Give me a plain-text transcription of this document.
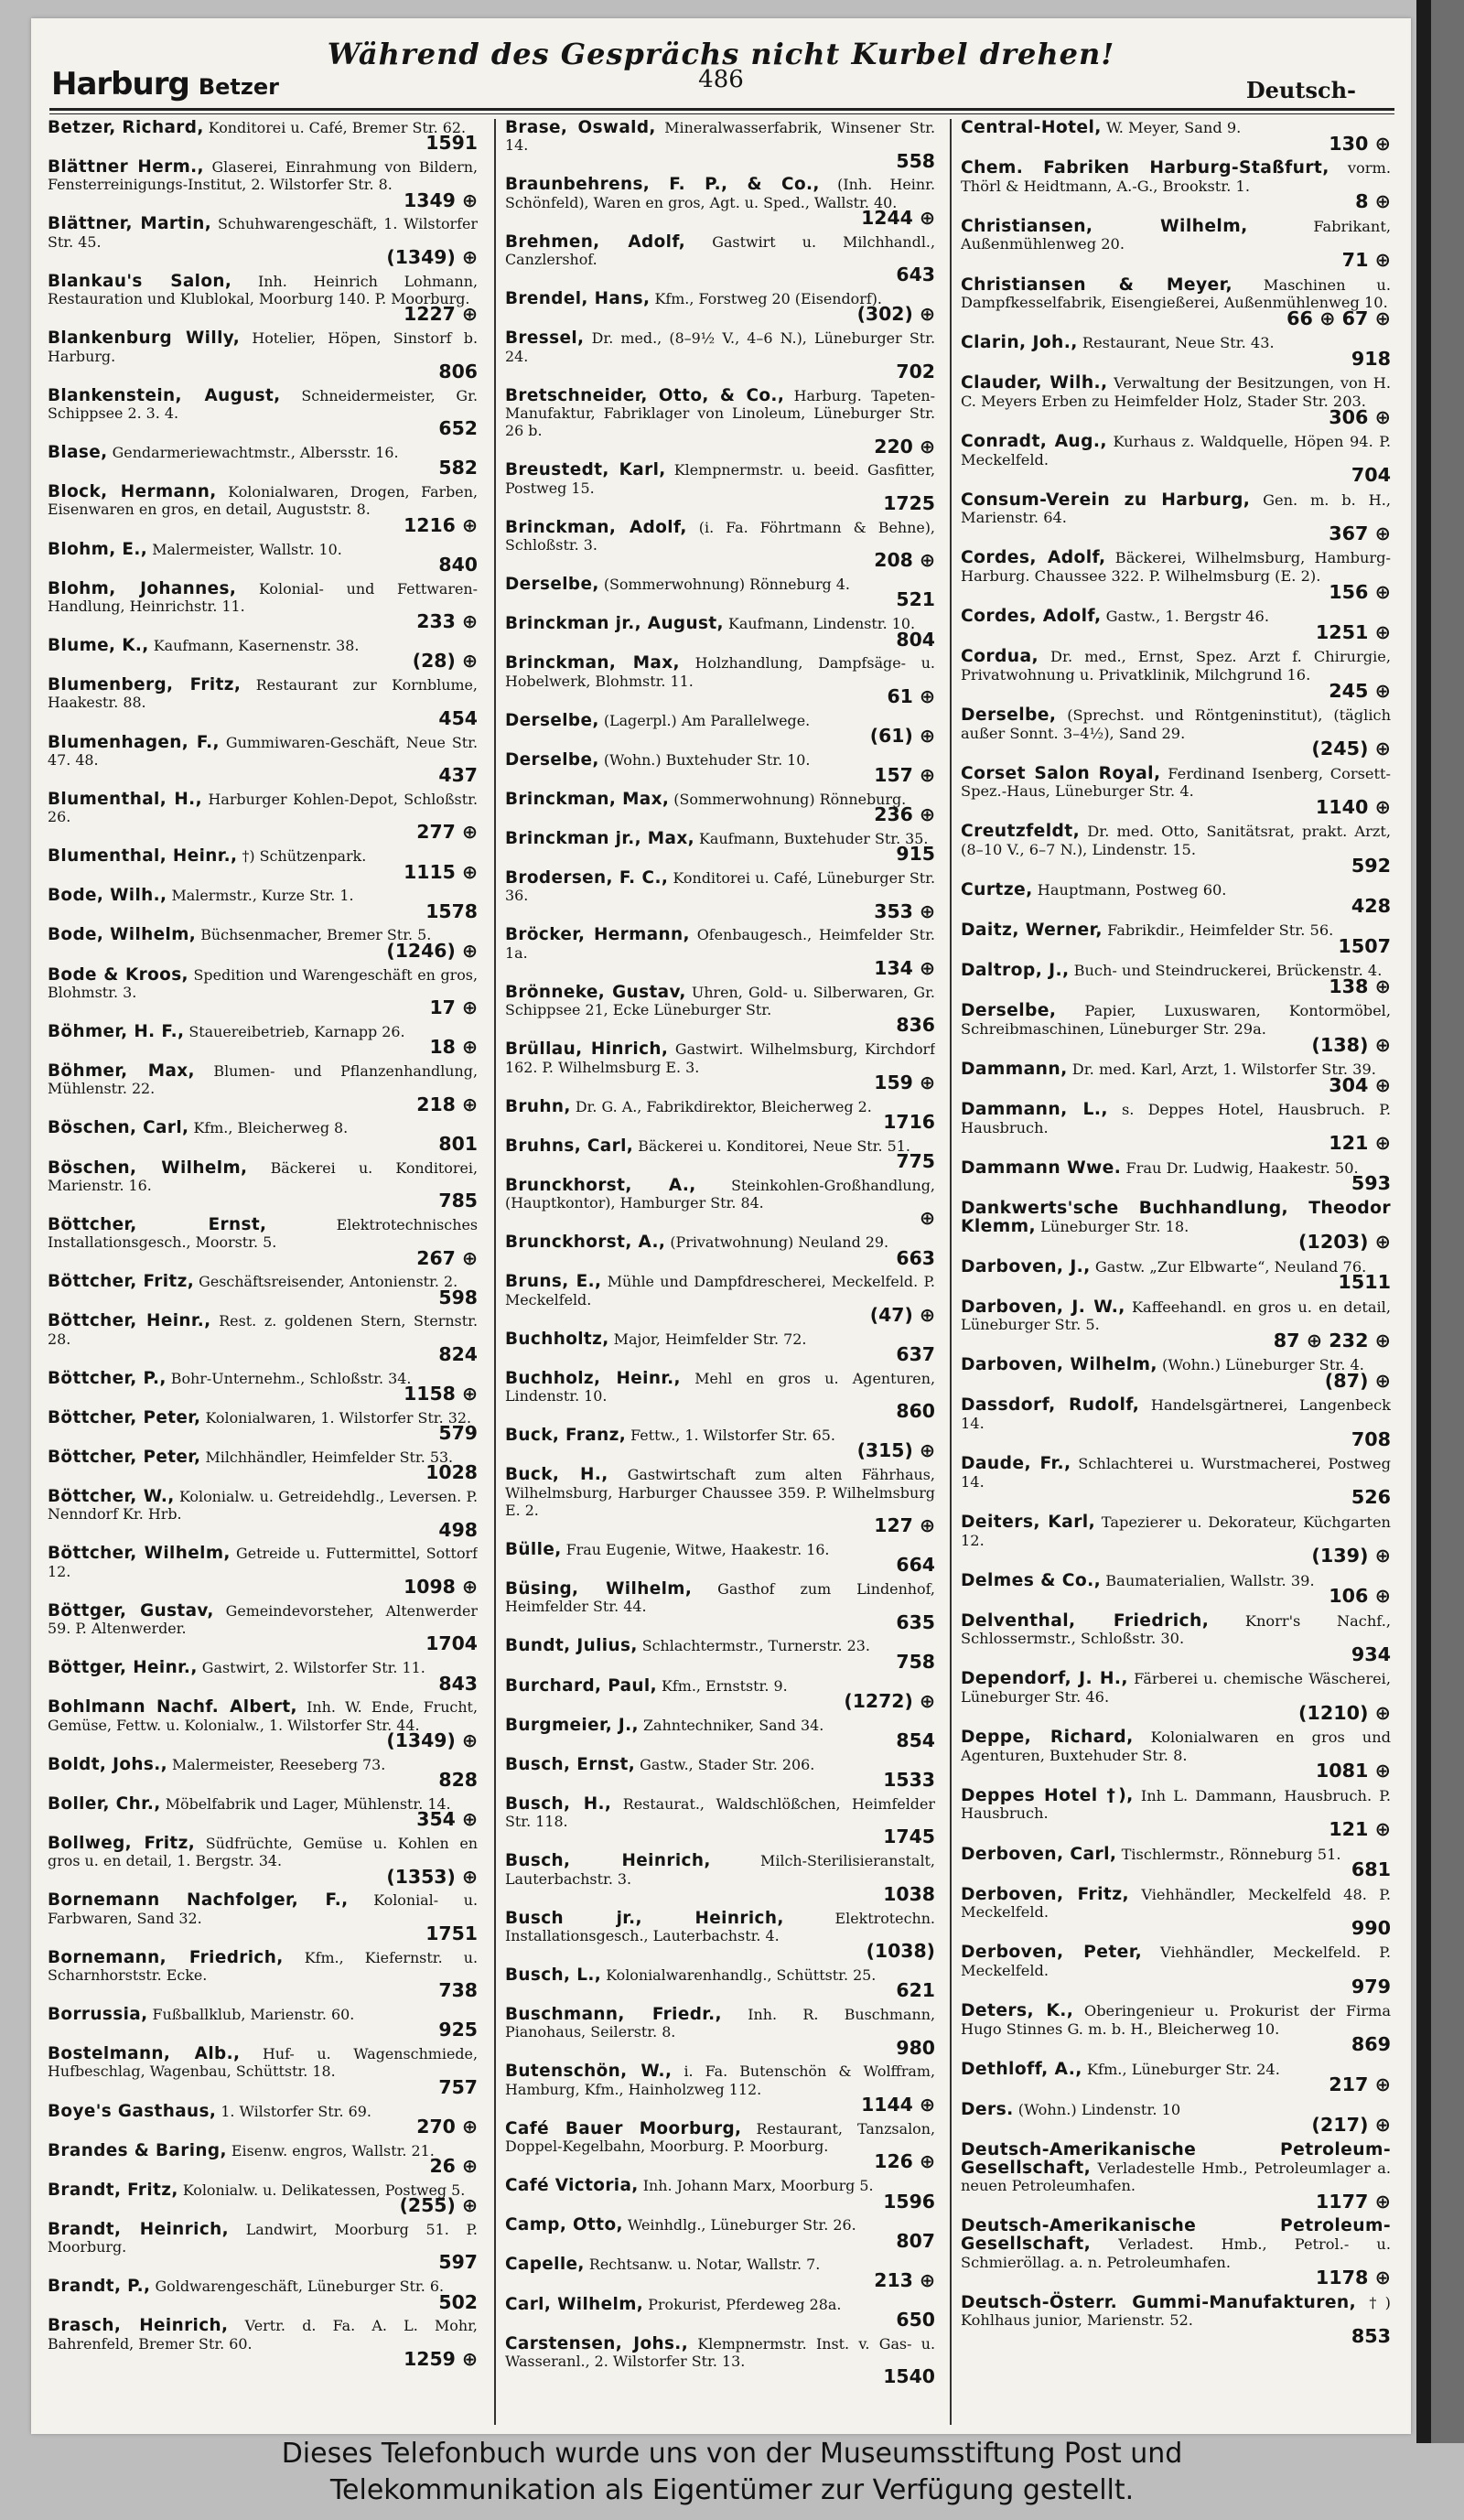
Während des Gesprächs nicht Kurbel drehen!
Harburg Betzer	486	Deutsch-
Betzer, Richard, Konditorei u. Café, Bremer Str. 62.
1591
Blättner Herm., Glaserei, Einrahmung von Bildern, Fensterreinigungs-Institut, 2. Wilstorfer Str. 8.
1349 ⊕
Blättner, Martin, Schuhwarengeschäft, 1. Wilstorfer Str. 45.
(1349) ⊕
Blankau's Salon, Inh. Heinrich Lohmann, Restauration und Klublokal, Moorburg 140. P. Moorburg.
1227 ⊕
Blankenburg Willy, Hotelier, Höpen, Sinstorf b. Harburg.
806
Blankenstein, August, Schneidermeister, Gr. Schippsee 2. 3. 4.
652
Blase, Gendarmeriewachtmstr., Albersstr. 16.
582
Block, Hermann, Kolonialwaren, Drogen, Farben, Eisenwaren en gros, en detail, Auguststr. 8.
1216 ⊕
Blohm, E., Malermeister, Wallstr. 10.
840
Blohm, Johannes, Kolonial- und Fettwaren-Handlung, Heinrichstr. 11.
233 ⊕
Blume, K., Kaufmann, Kasernenstr. 38.
(28) ⊕
Blumenberg, Fritz, Restaurant zur Kornblume, Haakestr. 88.
454
Blumenhagen, F., Gummiwaren-Geschäft, Neue Str. 47. 48.
437
Blumenthal, H., Harburger Kohlen-Depot, Schloßstr. 26.
277 ⊕
Blumenthal, Heinr., †) Schützenpark.
1115 ⊕
Bode, Wilh., Malermstr., Kurze Str. 1.
1578
Bode, Wilhelm, Büchsenmacher, Bremer Str. 5.
(1246) ⊕
Bode & Kroos, Spedition und Warengeschäft en gros, Blohmstr. 3.
17 ⊕
Böhmer, H. F., Stauereibetrieb, Karnapp 26.
18 ⊕
Böhmer, Max, Blumen- und Pflanzenhandlung, Mühlenstr. 22.
218 ⊕
Böschen, Carl, Kfm., Bleicherweg 8.
801
Böschen, Wilhelm, Bäckerei u. Konditorei, Marienstr. 16.
785
Böttcher, Ernst, Elektrotechnisches Installationsgesch., Moorstr. 5.
267 ⊕
Böttcher, Fritz, Geschäftsreisender, Antonienstr. 2.
598
Böttcher, Heinr., Rest. z. goldenen Stern, Sternstr. 28.
824
Böttcher, P., Bohr-Unternehm., Schloßstr. 34.
1158 ⊕
Böttcher, Peter, Kolonialwaren, 1. Wilstorfer Str. 32.
579
Böttcher, Peter, Milchhändler, Heimfelder Str. 53.
1028
Böttcher, W., Kolonialw. u. Getreidehdlg., Leversen. P. Nenndorf Kr. Hrb.
498
Böttcher, Wilhelm, Getreide u. Futtermittel, Sottorf 12.
1098 ⊕
Böttger, Gustav, Gemeindevorsteher, Altenwerder 59. P. Altenwerder.
1704
Böttger, Heinr., Gastwirt, 2. Wilstorfer Str. 11.
843
Bohlmann Nachf. Albert, Inh. W. Ende, Frucht, Gemüse, Fettw. u. Kolonialw., 1. Wilstorfer Str. 44.
(1349) ⊕
Boldt, Johs., Malermeister, Reeseberg 73.
828
Boller, Chr., Möbelfabrik und Lager, Mühlenstr. 14.
354 ⊕
Bollweg, Fritz, Südfrüchte, Gemüse u. Kohlen en gros u. en detail, 1. Bergstr. 34.
(1353) ⊕
Bornemann Nachfolger, F., Kolonial- u. Farbwaren, Sand 32.
1751
Bornemann, Friedrich, Kfm., Kiefernstr. u. Scharnhorststr. Ecke.
738
Borrussia, Fußballklub, Marienstr. 60.
925
Bostelmann, Alb., Huf- u. Wagenschmiede, Hufbeschlag, Wagenbau, Schüttstr. 18.
757
Boye's Gasthaus, 1. Wilstorfer Str. 69.
270 ⊕
Brandes & Baring, Eisenw. engros, Wallstr. 21.
26 ⊕
Brandt, Fritz, Kolonialw. u. Delikatessen, Postweg 5.
(255) ⊕
Brandt, Heinrich, Landwirt, Moorburg 51. P. Moorburg.
597
Brandt, P., Goldwarengeschäft, Lüneburger Str. 6.
502
Brasch, Heinrich, Vertr. d. Fa. A. L. Mohr, Bahrenfeld, Bremer Str. 60.
1259 ⊕
Brase, Oswald, Mineralwasserfabrik, Winsener Str. 14.
558
Braunbehrens, F. P., & Co., (Inh. Heinr. Schönfeld), Waren en gros, Agt. u. Sped., Wallstr. 40.
1244 ⊕
Brehmen, Adolf, Gastwirt u. Milchhandl., Canzlershof.
643
Brendel, Hans, Kfm., Forstweg 20 (Eisendorf).
(302) ⊕
Bressel, Dr. med., (8–9½ V., 4–6 N.), Lüneburger Str. 24.
702
Bretschneider, Otto, & Co., Harburg. Tapeten-Manufaktur, Fabriklager von Linoleum, Lüneburger Str. 26 b.
220 ⊕
Breustedt, Karl, Klempnermstr. u. beeid. Gasfitter, Postweg 15.
1725
Brinckman, Adolf, (i. Fa. Föhrtmann & Behne), Schloßstr. 3.
208 ⊕
Derselbe, (Sommerwohnung) Rönneburg 4.
521
Brinckman jr., August, Kaufmann, Lindenstr. 10.
804
Brinckman, Max, Holzhandlung, Dampfsäge- u. Hobelwerk, Blohmstr. 11.
61 ⊕
Derselbe, (Lagerpl.) Am Parallelwege.
(61) ⊕
Derselbe, (Wohn.) Buxtehuder Str. 10.
157 ⊕
Brinckman, Max, (Sommerwohnung) Rönneburg.
236 ⊕
Brinckman jr., Max, Kaufmann, Buxtehuder Str. 35.
915
Brodersen, F. C., Konditorei u. Café, Lüneburger Str. 36.
353 ⊕
Bröcker, Hermann, Ofenbaugesch., Heimfelder Str. 1a.
134 ⊕
Brönneke, Gustav, Uhren, Gold- u. Silberwaren, Gr. Schippsee 21, Ecke Lüneburger Str.
836
Brüllau, Hinrich, Gastwirt. Wilhelmsburg, Kirchdorf 162. P. Wilhelmsburg E. 3.
159 ⊕
Bruhn, Dr. G. A., Fabrikdirektor, Bleicherweg 2.
1716
Bruhns, Carl, Bäckerei u. Konditorei, Neue Str. 51.
775
Brunckhorst, A., Steinkohlen-Großhandlung, (Hauptkontor), Hamburger Str. 84.
⊕
Brunckhorst, A., (Privatwohnung) Neuland 29.
663
Bruns, E., Mühle und Dampfdrescherei, Meckelfeld. P. Meckelfeld.
(47) ⊕
Buchholtz, Major, Heimfelder Str. 72.
637
Buchholz, Heinr., Mehl en gros u. Agenturen, Lindenstr. 10.
860
Buck, Franz, Fettw., 1. Wilstorfer Str. 65.
(315) ⊕
Buck, H., Gastwirtschaft zum alten Fährhaus, Wilhelmsburg, Harburger Chaussee 359. P. Wilhelmsburg E. 2.
127 ⊕
Bülle, Frau Eugenie, Witwe, Haakestr. 16.
664
Büsing, Wilhelm, Gasthof zum Lindenhof, Heimfelder Str. 44.
635
Bundt, Julius, Schlachtermstr., Turnerstr. 23.
758
Burchard, Paul, Kfm., Ernststr. 9.
(1272) ⊕
Burgmeier, J., Zahntechniker, Sand 34.
854
Busch, Ernst, Gastw., Stader Str. 206.
1533
Busch, H., Restaurat., Waldschlößchen, Heimfelder Str. 118.
1745
Busch, Heinrich, Milch-Sterilisieranstalt, Lauterbachstr. 3.
1038
Busch jr., Heinrich, Elektrotechn. Installationsgesch., Lauterbachstr. 4.
(1038)
Busch, L., Kolonialwarenhandlg., Schüttstr. 25.
621
Buschmann, Friedr., Inh. R. Buschmann, Pianohaus, Seilerstr. 8.
980
Butenschön, W., i. Fa. Butenschön & Wolffram, Hamburg, Kfm., Hainholzweg 112.
1144 ⊕
Café Bauer Moorburg, Restaurant, Tanzsalon, Doppel-Kegelbahn, Moorburg. P. Moorburg.
126 ⊕
Café Victoria, Inh. Johann Marx, Moorburg 5.
1596
Camp, Otto, Weinhdlg., Lüneburger Str. 26.
807
Capelle, Rechtsanw. u. Notar, Wallstr. 7.
213 ⊕
Carl, Wilhelm, Prokurist, Pferdeweg 28a.
650
Carstensen, Johs., Klempnermstr. Inst. v. Gas- u. Wasseranl., 2. Wilstorfer Str. 13.
1540
Central-Hotel, W. Meyer, Sand 9.
130 ⊕
Chem. Fabriken Harburg-Staßfurt, vorm. Thörl & Heidtmann, A.-G., Brookstr. 1.
8 ⊕
Christiansen, Wilhelm, Fabrikant, Außenmühlenweg 20.
71 ⊕
Christiansen & Meyer, Maschinen u. Dampfkesselfabrik, Eisengießerei, Außenmühlenweg 10.
66 ⊕ 67 ⊕
Clarin, Joh., Restaurant, Neue Str. 43.
918
Clauder, Wilh., Verwaltung der Besitzungen, von H. C. Meyers Erben zu Heimfelder Holz, Stader Str. 203.
306 ⊕
Conradt, Aug., Kurhaus z. Waldquelle, Höpen 94. P. Meckelfeld.
704
Consum-Verein zu Harburg, Gen. m. b. H., Marienstr. 64.
367 ⊕
Cordes, Adolf, Bäckerei, Wilhelmsburg, Hamburg-Harburg. Chaussee 322. P. Wilhelmsburg (E. 2).
156 ⊕
Cordes, Adolf, Gastw., 1. Bergstr 46.
1251 ⊕
Cordua, Dr. med., Ernst, Spez. Arzt f. Chirurgie, Privatwohnung u. Privatklinik, Milchgrund 16.
245 ⊕
Derselbe, (Sprechst. und Röntgeninstitut), (täglich außer Sonnt. 3–4½), Sand 29.
(245) ⊕
Corset Salon Royal, Ferdinand Isenberg, Corsett-Spez.-Haus, Lüneburger Str. 4.
1140 ⊕
Creutzfeldt, Dr. med. Otto, Sanitätsrat, prakt. Arzt, (8–10 V., 6–7 N.), Lindenstr. 15.
592
Curtze, Hauptmann, Postweg 60.
428
Daitz, Werner, Fabrikdir., Heimfelder Str. 56.
1507
Daltrop, J., Buch- und Steindruckerei, Brückenstr. 4.
138 ⊕
Derselbe, Papier, Luxuswaren, Kontormöbel, Schreibmaschinen, Lüneburger Str. 29a.
(138) ⊕
Dammann, Dr. med. Karl, Arzt, 1. Wilstorfer Str. 39.
304 ⊕
Dammann, L., s. Deppes Hotel, Hausbruch. P. Hausbruch.
121 ⊕
Dammann Wwe. Frau Dr. Ludwig, Haakestr. 50.
593
Dankwerts'sche Buchhandlung, Theodor Klemm, Lüneburger Str. 18.
(1203) ⊕
Darboven, J., Gastw. „Zur Elbwarte“, Neuland 76.
1511
Darboven, J. W., Kaffeehandl. en gros u. en detail, Lüneburger Str. 5.
87 ⊕ 232 ⊕
Darboven, Wilhelm, (Wohn.) Lüneburger Str. 4.
(87) ⊕
Dassdorf, Rudolf, Handelsgärtnerei, Langenbeck 14.
708
Daude, Fr., Schlachterei u. Wurstmacherei, Postweg 14.
526
Deiters, Karl, Tapezierer u. Dekorateur, Küchgarten 12.
(139) ⊕
Delmes & Co., Baumaterialien, Wallstr. 39.
106 ⊕
Delventhal, Friedrich, Knorr's Nachf., Schlossermstr., Schloßstr. 30.
934
Dependorf, J. H., Färberei u. chemische Wäscherei, Lüneburger Str. 46.
(1210) ⊕
Deppe, Richard, Kolonialwaren en gros und Agenturen, Buxtehuder Str. 8.
1081 ⊕
Deppes Hotel †), Inh L. Dammann, Hausbruch. P. Hausbruch.
121 ⊕
Derboven, Carl, Tischlermstr., Rönneburg 51.
681
Derboven, Fritz, Viehhändler, Meckelfeld 48. P. Meckelfeld.
990
Derboven, Peter, Viehhändler, Meckelfeld. P. Meckelfeld.
979
Deters, K., Oberingenieur u. Prokurist der Firma Hugo Stinnes G. m. b. H., Bleicherweg 10.
869
Dethloff, A., Kfm., Lüneburger Str. 24.
217 ⊕
Ders. (Wohn.) Lindenstr. 10
(217) ⊕
Deutsch-Amerikanische Petroleum-Gesellschaft, Verladestelle Hmb., Petroleumlager a. neuen Petroleumhafen.
1177 ⊕
Deutsch-Amerikanische Petroleum-Gesellschaft, Verladest. Hmb., Petrol.- u. Schmieröllag. a. n. Petroleumhafen.
1178 ⊕
Deutsch-Österr. Gummi-Manufakturen, †) Kohlhaus junior, Marienstr. 52.
853
Dieses Telefonbuch wurde uns von der Museumsstiftung Post und
Telekommunikation als Eigentümer zur Verfügung gestellt.
